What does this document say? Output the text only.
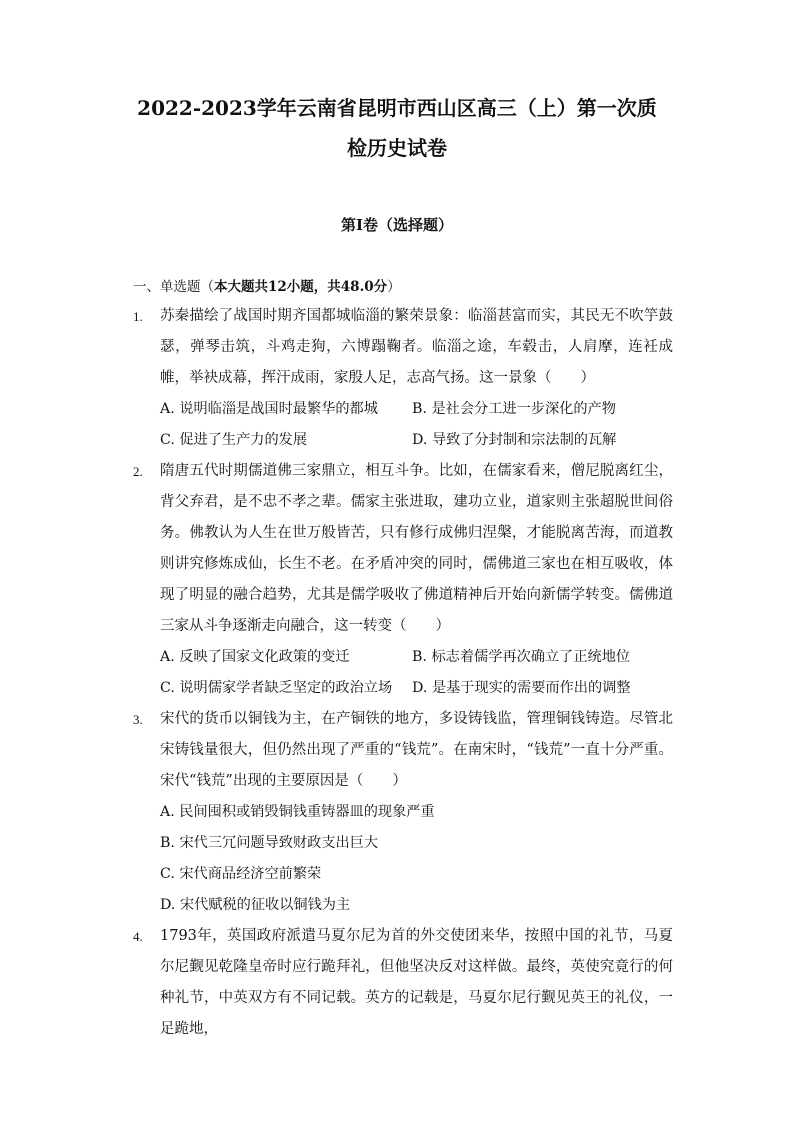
2022-2023学年云南省昆明市西山区高三（上）第一次质
检历史试卷
第I卷（选择题）
一、单选题（本大题共12小题，共48.0分）
1. 苏秦描绘了战国时期齐国都城临淄的繁荣景象：临淄甚富而实，其民无不吹竽鼓瑟，弹琴击筑，斗鸡走狗，六博蹋鞠者。临淄之途，车毂击，人肩摩，连衽成帷，举袂成幕，挥汗成雨，家殷人足，志高气扬。这一景象（　　）
A. 说明临淄是战国时最繁华的都城	B. 是社会分工进一步深化的产物
C. 促进了生产力的发展	D. 导致了分封制和宗法制的瓦解
2. 隋唐五代时期儒道佛三家鼎立，相互斗争。比如，在儒家看来，僧尼脱离红尘，背父弃君，是不忠不孝之辈。儒家主张进取，建功立业，道家则主张超脱世间俗务。佛教认为人生在世万般皆苦，只有修行成佛归涅槃，才能脱离苦海，而道教则讲究修炼成仙，长生不老。在矛盾冲突的同时，儒佛道三家也在相互吸收，体现了明显的融合趋势，尤其是儒学吸收了佛道精神后开始向新儒学转变。儒佛道三家从斗争逐渐走向融合，这一转变（　　）
A. 反映了国家文化政策的变迁	B. 标志着儒学再次确立了正统地位
C. 说明儒家学者缺乏坚定的政治立场	D. 是基于现实的需要而作出的调整
3. 宋代的货币以铜钱为主，在产铜铁的地方，多设铸钱监，管理铜钱铸造。尽管北宋铸钱量很大，但仍然出现了严重的“钱荒”。在南宋时，“钱荒”一直十分严重。宋代“钱荒”出现的主要原因是（　　）
A. 民间囤积或销毁铜钱重铸器皿的现象严重
B. 宋代三冗问题导致财政支出巨大
C. 宋代商品经济空前繁荣
D. 宋代赋税的征收以铜钱为主
4. 1793年，英国政府派遣马夏尔尼为首的外交使团来华，按照中国的礼节，马夏尔尼觐见乾隆皇帝时应行跪拜礼，但他坚决反对这样做。最终，英使究竟行的何种礼节，中英双方有不同记载。英方的记载是，马夏尔尼行觐见英王的礼仪，一足跪地，
